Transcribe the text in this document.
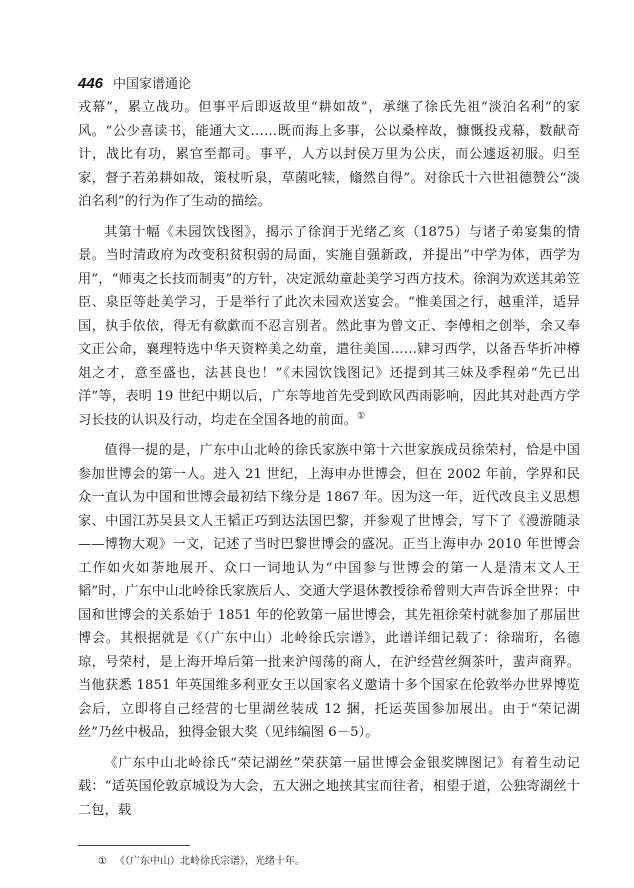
446 中国家谱通论

戎幕”，累立战功。但事平后即返故里“耕如故”，承继了徐氏先祖“淡泊名利”的家风。“公少喜读书，能通大文……既而海上多事，公以桑梓故，慷慨投戎幕，数献奇计，战比有功，累官至都司。事平，人方以封侯万里为公庆，而公遽返初服。归至家，督子若弟耕如故，策杖听泉，草菌叱犊，翛然自得”。对徐氏十六世祖德赞公“淡泊名利”的行为作了生动的描绘。

其第十幅《未园饮饯图》，揭示了徐润于光绪乙亥（1875）与诸子弟宴集的情景。当时清政府为改变积贫积弱的局面，实施自强新政，并提出“中学为体，西学为用”，“师夷之长技而制夷”的方针，决定派幼童赴美学习西方技术。徐润为欢送其弟笠臣、泉臣等赴美学习，于是举行了此次未园欢送宴会。“惟美国之行，越重洋，适异国，执手依依，得无有欷歔而不忍言别者。然此事为曾文正、李傅相之创举，余又奉文正公命，襄理特选中华天资粹美之幼童，遣往美国……肄习西学，以备吾华折冲樽俎之才，意至盛也，法甚良也！”《未园饮饯图记》还提到其三妹及季程弟“先已出洋”等，表明 19 世纪中期以后，广东等地首先受到欧风西雨影响，因此其对赴西方学习长技的认识及行动，均走在全国各地的前面。①

值得一提的是，广东中山北岭的徐氏家族中第十六世家族成员徐荣村，恰是中国参加世博会的第一人。进入 21 世纪，上海申办世博会，但在 2002 年前，学界和民众一直认为中国和世博会最初结下缘分是 1867 年。因为这一年，近代改良主义思想家、中国江苏吴县文人王韬正巧到达法国巴黎，并参观了世博会，写下了《漫游随录——博物大观》一文，记述了当时巴黎世博会的盛况。正当上海申办 2010 年世博会工作如火如荼地展开、众口一词地认为“中国参与世博会的第一人是清末文人王韬”时，广东中山北岭徐氏家族后人、交通大学退休教授徐希曾则大声告诉全世界：中国和世博会的关系始于 1851 年的伦敦第一届世博会，其先祖徐荣村就参加了那届世博会。其根据就是《（广东中山）北岭徐氏宗谱》，此谱详细记载了：徐瑞珩，名德琼，号荣村，是上海开埠后第一批来沪闯荡的商人，在沪经营丝绸茶叶，蜚声商界。当他获悉 1851 年英国维多利亚女王以国家名义邀请十多个国家在伦敦举办世界博览会后，立即将自己经营的七里湖丝装成 12 捆，托运英国参加展出。由于“荣记湖丝”乃丝中极品，独得金银大奖（见纬编图 6－5）。

《广东中山北岭徐氏“荣记湖丝”荣获第一届世博会金银奖牌图记》有着生动记载：“适英国伦敦京城设为大会，五大洲之地挟其宝而往者，相望于道，公独寄湖丝十二包，载

① 《（广东中山）北岭徐氏宗谱》，光绪十年。
